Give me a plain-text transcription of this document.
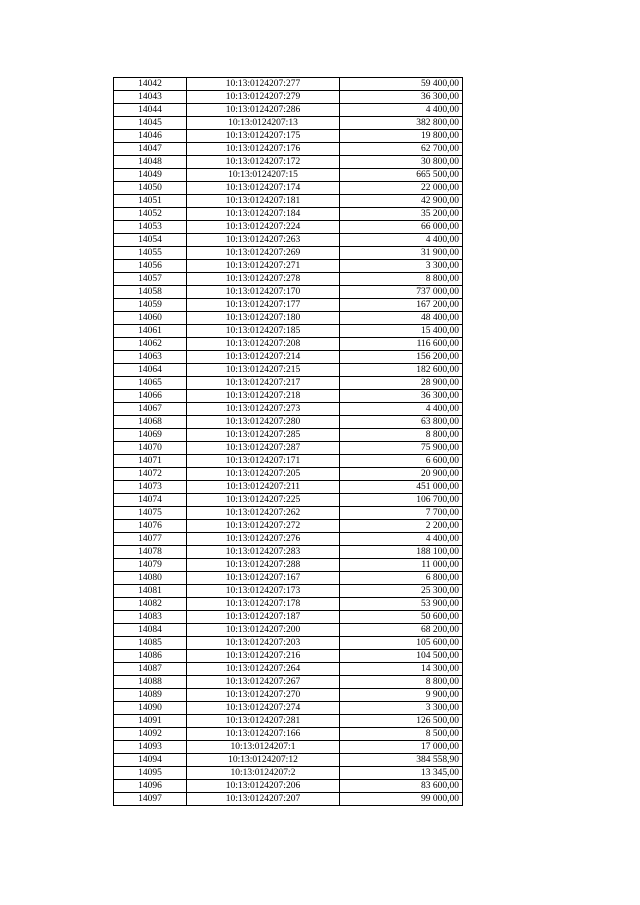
14042	10:13:0124207:277	59 400,00
14043	10:13:0124207:279	36 300,00
14044	10:13:0124207:286	4 400,00
14045	10:13:0124207:13	382 800,00
14046	10:13:0124207:175	19 800,00
14047	10:13:0124207:176	62 700,00
14048	10:13:0124207:172	30 800,00
14049	10:13:0124207:15	665 500,00
14050	10:13:0124207:174	22 000,00
14051	10:13:0124207:181	42 900,00
14052	10:13:0124207:184	35 200,00
14053	10:13:0124207:224	66 000,00
14054	10:13:0124207:263	4 400,00
14055	10:13:0124207:269	31 900,00
14056	10:13:0124207:271	3 300,00
14057	10:13:0124207:278	8 800,00
14058	10:13:0124207:170	737 000,00
14059	10:13:0124207:177	167 200,00
14060	10:13:0124207:180	48 400,00
14061	10:13:0124207:185	15 400,00
14062	10:13:0124207:208	116 600,00
14063	10:13:0124207:214	156 200,00
14064	10:13:0124207:215	182 600,00
14065	10:13:0124207:217	28 900,00
14066	10:13:0124207:218	36 300,00
14067	10:13:0124207:273	4 400,00
14068	10:13:0124207:280	63 800,00
14069	10:13:0124207:285	8 800,00
14070	10:13:0124207:287	75 900,00
14071	10:13:0124207:171	6 600,00
14072	10:13:0124207:205	20 900,00
14073	10:13:0124207:211	451 000,00
14074	10:13:0124207:225	106 700,00
14075	10:13:0124207:262	7 700,00
14076	10:13:0124207:272	2 200,00
14077	10:13:0124207:276	4 400,00
14078	10:13:0124207:283	188 100,00
14079	10:13:0124207:288	11 000,00
14080	10:13:0124207:167	6 800,00
14081	10:13:0124207:173	25 300,00
14082	10:13:0124207:178	53 900,00
14083	10:13:0124207:187	50 600,00
14084	10:13:0124207:200	68 200,00
14085	10:13:0124207:203	105 600,00
14086	10:13:0124207:216	104 500,00
14087	10:13:0124207:264	14 300,00
14088	10:13:0124207:267	8 800,00
14089	10:13:0124207:270	9 900,00
14090	10:13:0124207:274	3 300,00
14091	10:13:0124207:281	126 500,00
14092	10:13:0124207:166	8 500,00
14093	10:13:0124207:1	17 000,00
14094	10:13:0124207:12	384 558,90
14095	10:13:0124207:2	13 345,00
14096	10:13:0124207:206	83 600,00
14097	10:13:0124207:207	99 000,00
